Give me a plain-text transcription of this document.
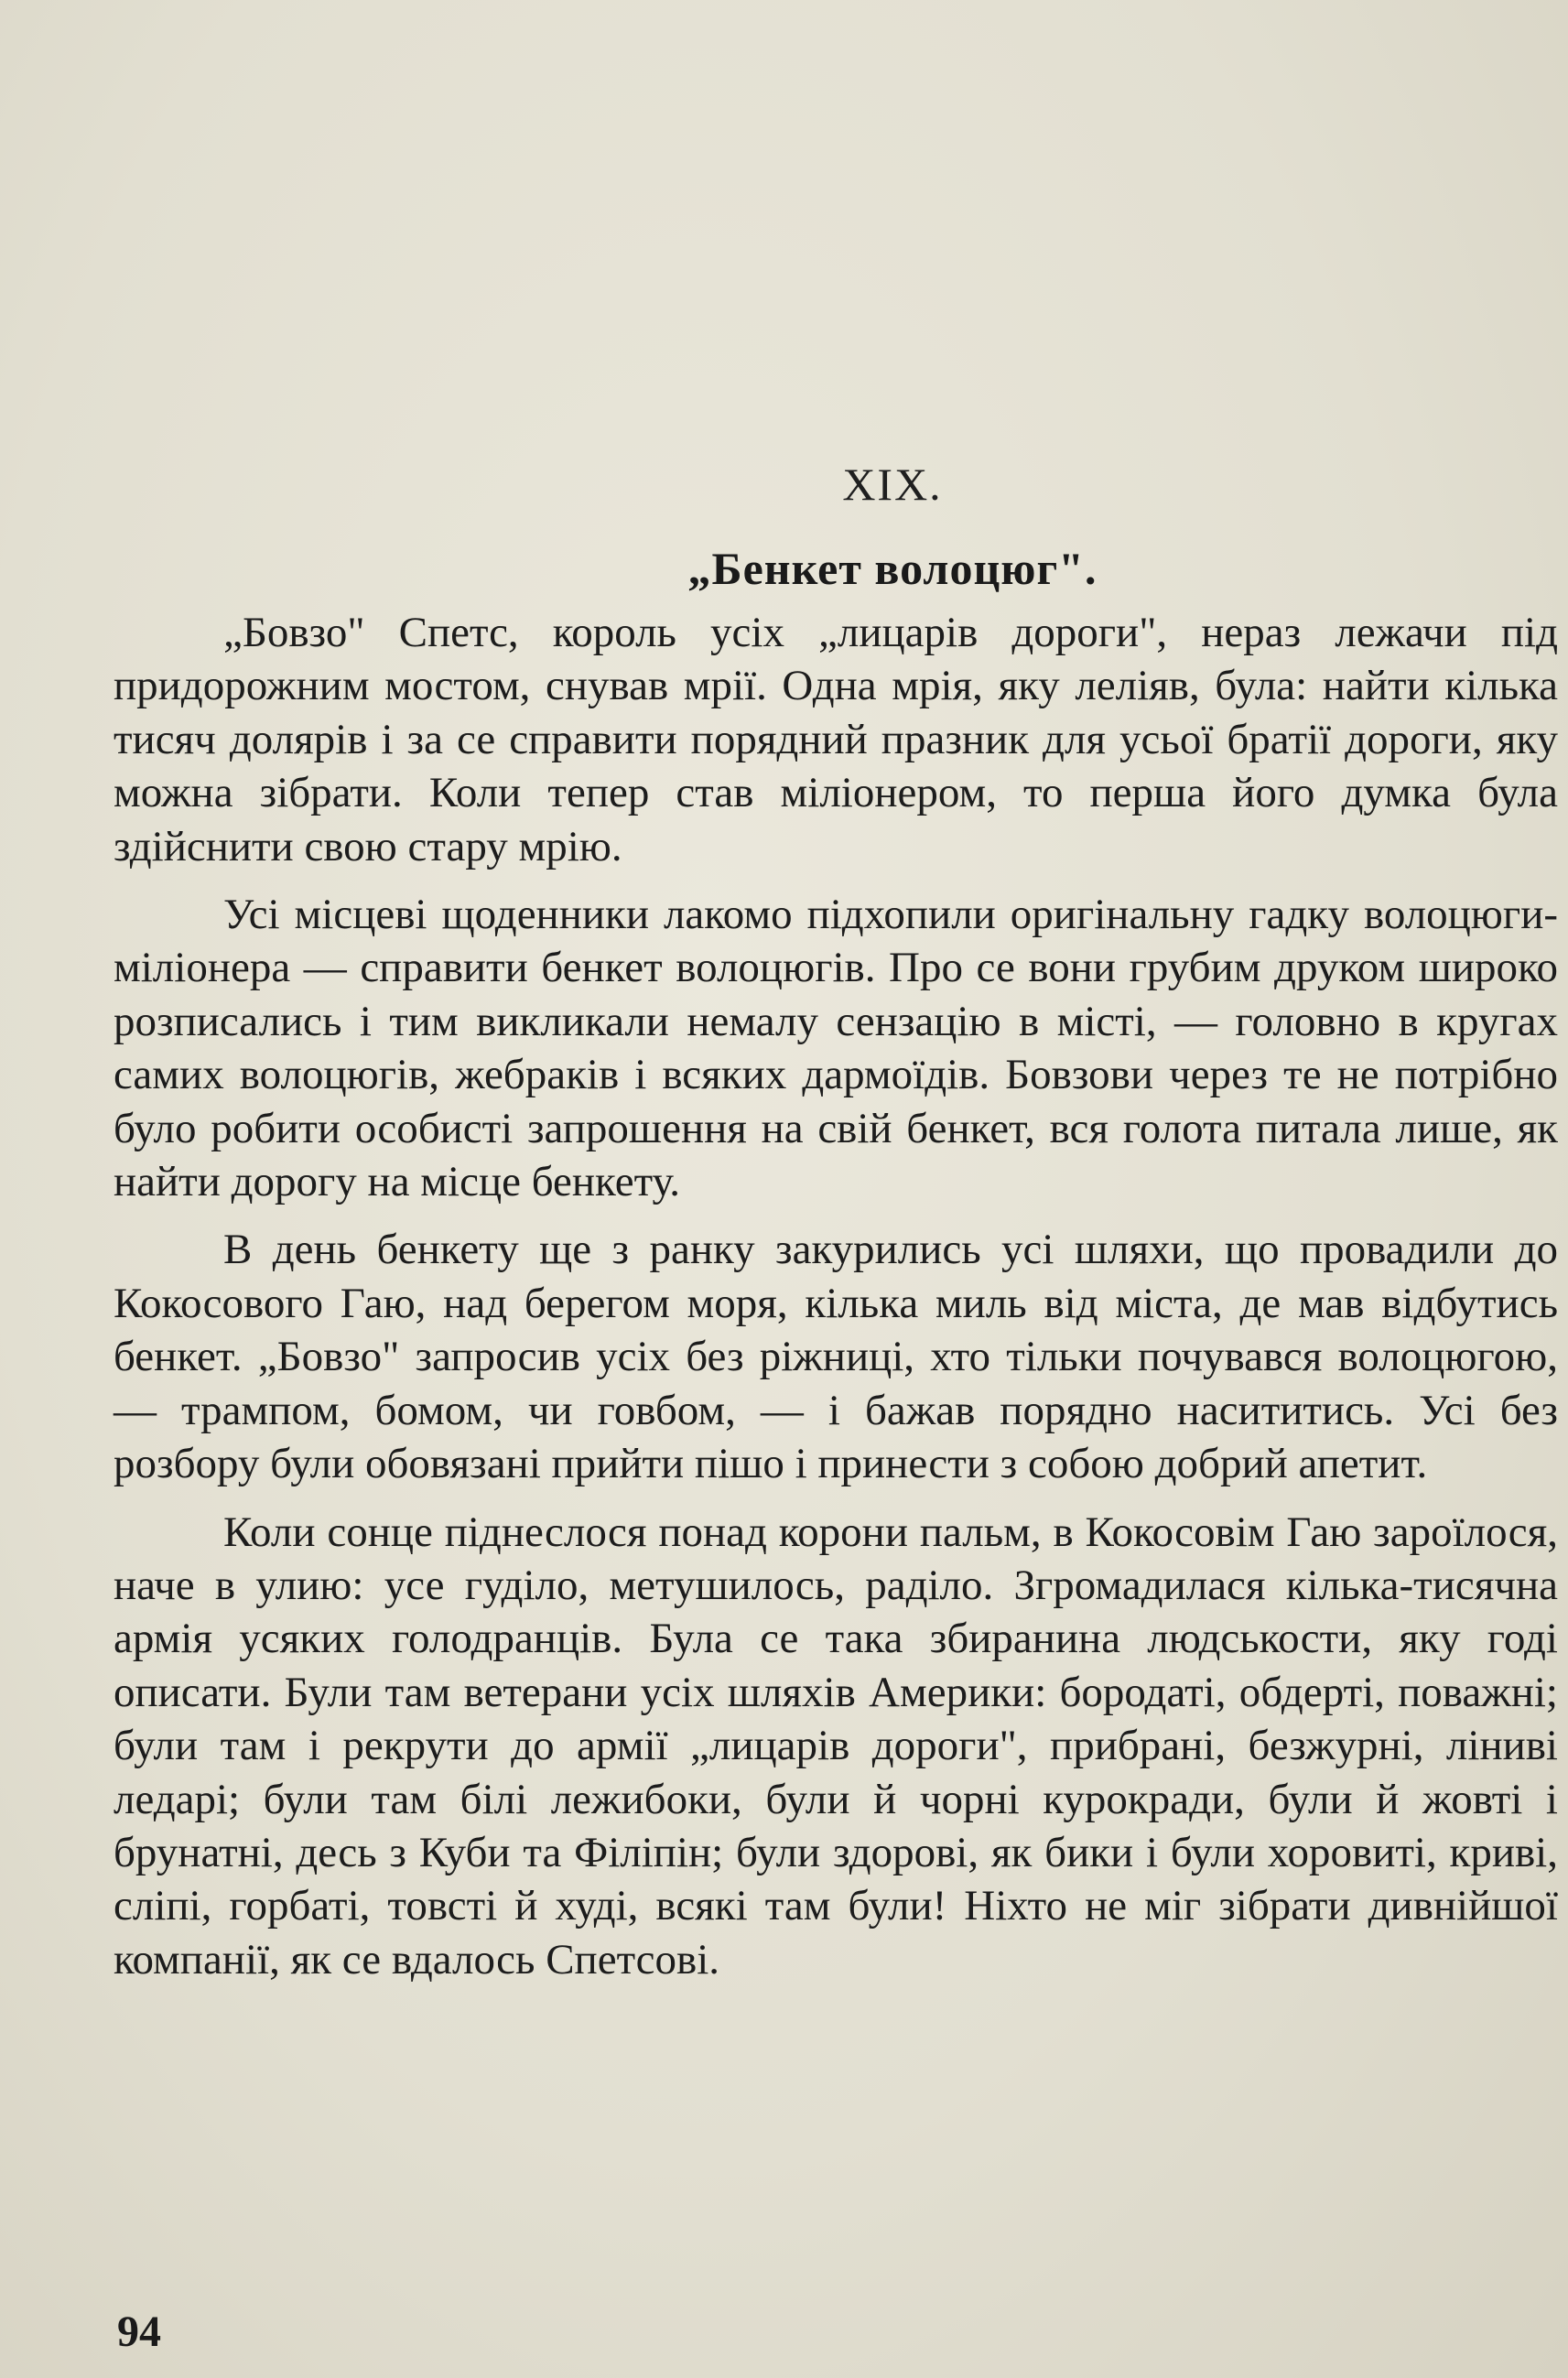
XIX.
„Бенкет волоцюг".

„Бовзо" Спетс, король усіх „лицарів дороги", нераз лежачи під придорожним мостом, снував мрії. Одна мрія, яку леліяв, була: найти кілька тисяч долярів і за се справити порядний празник для усьої братії дороги, яку можна зібрати. Коли тепер став міліонером, то перша його думка була здійснити свою стару мрію.

Усі місцеві щоденники лакомо підхопили оригінальну гадку волоцюги-міліонера — справити бенкет волоцюгів. Про се вони грубим друком широко розписались і тим викликали немалу сензацію в місті, — головно в кругах самих волоцюгів, жебраків і всяких дармоїдів. Бовзови через те не потрібно було робити особисті запрошення на свій бенкет, вся голота питала лише, як найти дорогу на місце бенкету.

В день бенкету ще з ранку закурились усі шляхи, що провадили до Кокосового Гаю, над берегом моря, кілька миль від міста, де мав відбутись бенкет. „Бовзо" запросив усіх без ріжниці, хто тільки почувався волоцюгою, — трампом, бомом, чи говбом, — і бажав порядно насититись. Усі без розбору були обовязані прийти пішо і принести з собою добрий апетит.

Коли сонце піднеслося понад корони пальм, в Кокосовім Гаю зароїлося, наче в улию: усе гуділо, метушилось, раділо. Згромадилася кілька-тисячна армія усяких голодранців. Була се така збиранина людськости, яку годі описати. Були там ветерани усіх шляхів Америки: бородаті, обдерті, поважні; були там і рекрути до армії „лицарів дороги", прибрані, безжурні, ліниві ледарі; були там білі лежибоки, були й чорні курокради, були й жовті і брунатні, десь з Куби та Філіпін; були здорові, як бики і були хоровиті, криві, сліпі, горбаті, товсті й худі, всякі там були! Ніхто не міг зібрати дивнійшої компанії, як се вдалось Спетсові.

94
